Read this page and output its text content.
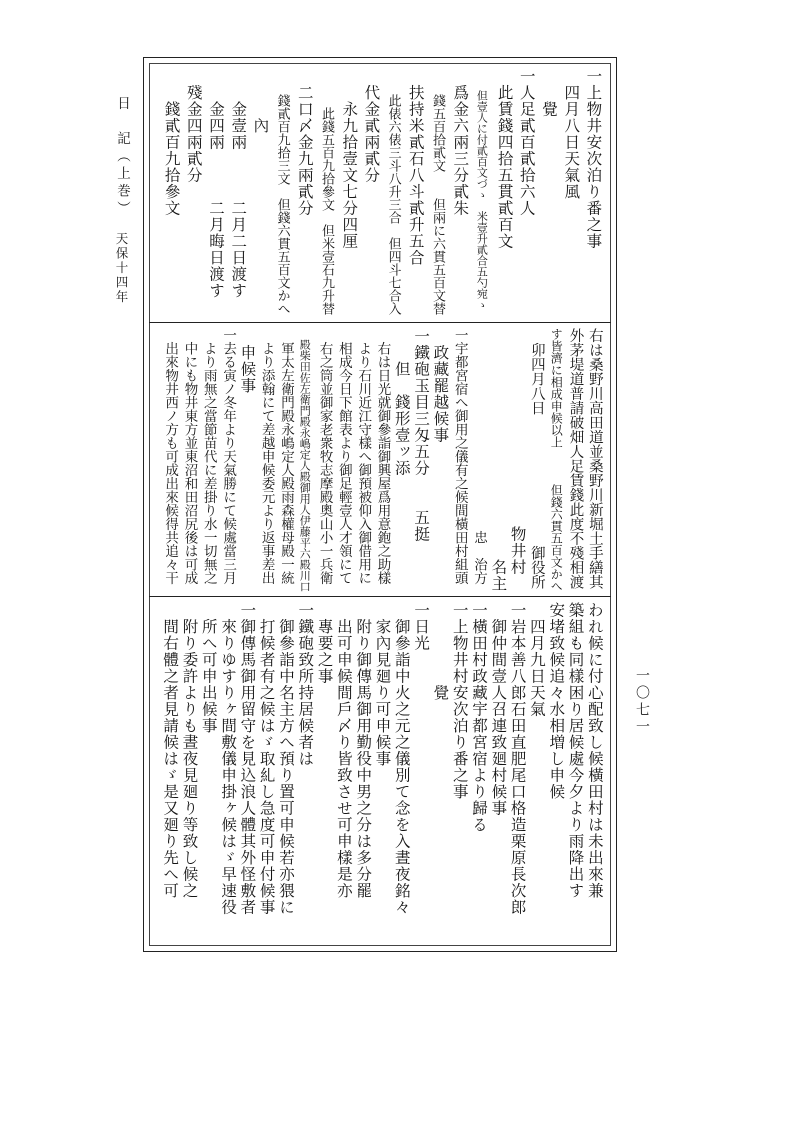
日　記（上巻）
天保十四年
一〇七一
一上物井安次泊り番之事
　四月八日天氣風
　　覺
一人足貳百貳拾六人
　此賃錢四拾五貫貳百文
　　但壹人に付貳百文づゝ　米壹升貳合五勺宛ゝ
　爲金六兩三分貳朱
　　錢五百拾貳文　　但兩に六貫五百文替
　扶持米貳石八斗貳升五合
　　此俵六俵三斗八升三合　但四斗七合入
　代金貳兩貳分
　　永九拾壹文七分四厘
　　　此錢五百九拾參文　但米壹石九升替
　二口〆金九兩貳分
　　錢貳百九拾三文　但錢六貫五百文かへ
　　　內
　　金壹兩　　　二月二日渡す
　　金四兩　　　二月晦日渡す
　殘金四兩貳分
　　錢貳百九拾參文
右は桑野川高田道並桑野川新堀土手繕其
外茅堤道普請破畑人足賃錢此度不殘相渡
す皆濟に相成申候以上　　　但錢六貫五百文かへ
　卯四月八日　　　　　　　　　御役所
　　　　　　　　　　　　物井村
　　　　　　　　　　　　　　名主
　　　　　　　　　　　　　　　忠　治方
一宇都宮宿へ御用之儀有之候間橫田村組頭
　政藏罷越候事
一鐵砲玉目三匁五分　　五挺
　　但　錢形壹ッ添
　右は日光就御參詣御興屋爲用意鉋之助樣
　より石川近江守樣へ御預被仰入御借用に
　相成今日下館表より御足輕壹人才領にて
　右之筒並御家老衆牧志摩殿奧山小一兵衛
　殿柴田佐左衛門殿永嶋定人殿御用人伊藤平六殿川口
　軍太左衛門殿永嶋定人殿雨森權母殿一統
　より添翰にて差越申候委元より返事差出
　申候事
一去る寅ノ冬年より天氣勝にて候處當三月
　より雨無之當節苗代に差掛り水一切無之
　中にも物井東方並東沼和田沼尻後は可成
　出來物井西ノ方も可成出來候得共追々干
われ候に付心配致し候橫田村は未出來兼
築組も同樣困り居候處今夕より雨降出す
安堵致候追々水相増し申候
　四月九日天氣
一岩本善八郎石田直肥尾口格造栗原長次郎
　御仲間壹人召連致廻村候事
一橫田村政藏宇都宮宿より歸る
一上物井村安次泊り番之事
　　　　　覺
一日光
　御參詣中火之元之儀別て念を入晝夜銘々
　家內見廻り可申候事
　附り御傳馬御用勤役中男之分は多分罷
　出可申候間戶〆り皆致させ可申樣是亦
　專要之事
一鐵砲致所持居候者は
　御參詣中名主方へ預り置可申候若亦猥に
　打候者有之候はゞ取糺し急度可申付候事
一御傳馬御用留守を見込浪人體其外怪敷者
　來りゆすりヶ間敷儀申掛ヶ候はゞ早速役
　所へ可申出候事
　附り委許よりも晝夜見廻り等致し候之
　間右體之者見請候はゞ是又廻り先へ可
